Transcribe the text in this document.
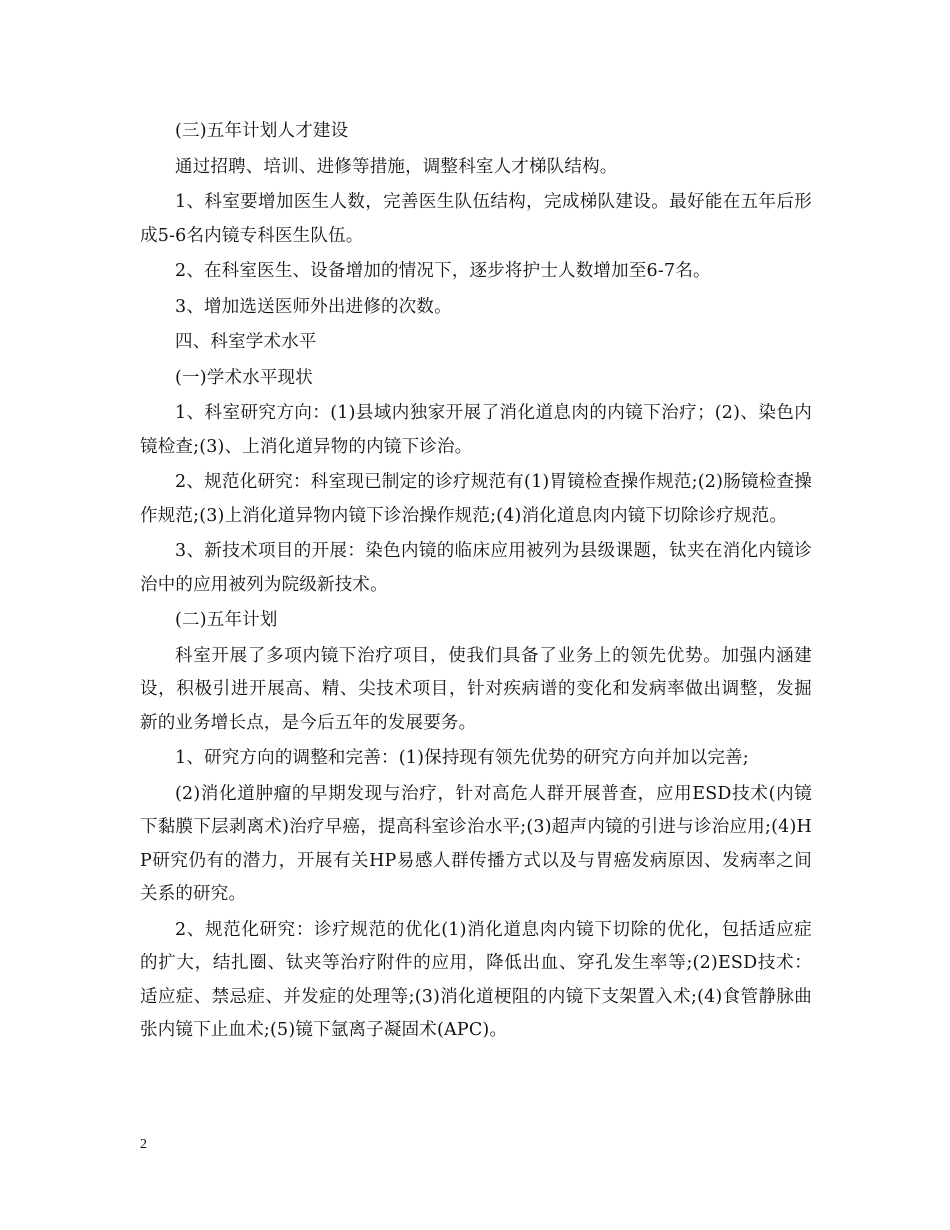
(三)五年计划人才建设

通过招聘、培训、进修等措施，调整科室人才梯队结构。

1、科室要增加医生人数，完善医生队伍结构，完成梯队建设。最好能在五年后形成5-6名内镜专科医生队伍。

2、在科室医生、设备增加的情况下，逐步将护士人数增加至6-7名。

3、增加选送医师外出进修的次数。

四、科室学术水平

(一)学术水平现状

1、科室研究方向：(1)县域内独家开展了消化道息肉的内镜下治疗；(2)、染色内镜检查;(3)、上消化道异物的内镜下诊治。

2、规范化研究：科室现已制定的诊疗规范有(1)胃镜检查操作规范;(2)肠镜检查操作规范;(3)上消化道异物内镜下诊治操作规范;(4)消化道息肉内镜下切除诊疗规范。

3、新技术项目的开展：染色内镜的临床应用被列为县级课题，钛夹在消化内镜诊治中的应用被列为院级新技术。

(二)五年计划

科室开展了多项内镜下治疗项目，使我们具备了业务上的领先优势。加强内涵建设，积极引进开展高、精、尖技术项目，针对疾病谱的变化和发病率做出调整，发掘新的业务增长点，是今后五年的发展要务。

1、研究方向的调整和完善：(1)保持现有领先优势的研究方向并加以完善;

(2)消化道肿瘤的早期发现与治疗，针对高危人群开展普查，应用ESD技术(内镜下黏膜下层剥离术)治疗早癌，提高科室诊治水平;(3)超声内镜的引进与诊治应用;(4)HP研究仍有的潜力，开展有关HP易感人群传播方式以及与胃癌发病原因、发病率之间关系的研究。

2、规范化研究：诊疗规范的优化(1)消化道息肉内镜下切除的优化，包括适应症的扩大，结扎圈、钛夹等治疗附件的应用，降低出血、穿孔发生率等;(2)ESD技术：适应症、禁忌症、并发症的处理等;(3)消化道梗阻的内镜下支架置入术;(4)食管静脉曲张内镜下止血术;(5)镜下氩离子凝固术(APC)。

2
